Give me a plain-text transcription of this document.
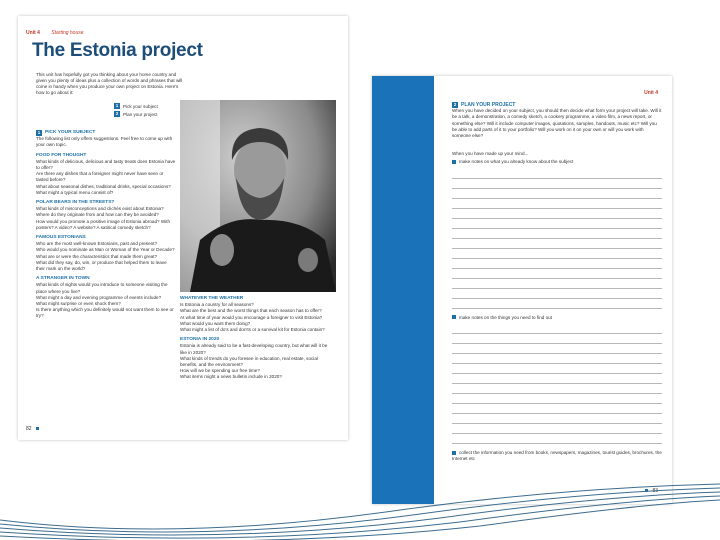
Unit 4 Starting house
The Estonia project
This unit has hopefully got you thinking about your home country and given you plenty of ideas plus a collection of words and phrases that will come in handy when you produce your own project on Estonia. Here's how to go about it:
1	Pick your subject
2	Plan your project
1 PICK YOUR SUBJECT

The following list only offers suggestions. Feel free to come up with your own topic.

FOOD FOR THOUGHT

What kinds of delicious, delicious and tasty treats does Estonia have to offer?

Are there any dishes that a foreigner might never have seen or tasted before?

What about seasonal dishes, traditional drinks, special occasions?

What might a typical menu consist of?

POLAR BEARS IN THE STREETS?

What kinds of misconceptions and clichés exist about Estonia?

Where do they originate from and how can they be avoided?

How would you promote a positive image of Estonia abroad? With posters? A video? A website? A satirical comedy sketch?

FAMOUS ESTONIANS

Who are the most well-known Estonians, past and present?

Who would you nominate as Man or Woman of the Year or Decade?

What are or were the characteristics that made them great?

What did they say, do, win, or produce that helped them to leave their mark on the world?

A STRANGER IN TOWN

What kinds of sights would you introduce to someone visiting the place where you live?

What might a day and evening programme of events include?

What might surprise or even shock them?

Is there anything which you definitely would not want them to see or try?

WHATEVER THE WEATHER

Is Estonia a country for all seasons?

What are the best and the worst things that each season has to offer?

At what time of year would you encourage a foreigner to visit Estonia?

What would you want them doing?

What might a list of do's and don'ts or a survival kit for Estonia contain?

ESTONIA IN 2020

Estonia is already said to be a fast-developing country, but what will it be like in 2020?

What kinds of trends do you foresee in education, real estate, social benefits, and the environment?

How will we be spending our free time?

What items might a news bulletin include in 2020?

82
Unit 4
2 PLAN YOUR PROJECT

When you have decided on your subject, you should then decide what form your project will take. Will it be a talk, a demonstration, a comedy sketch, a cookery programme, a video film, a news report, or something else? Will it include computer images, quotations, samples, handouts, music etc? Will you be able to add parts of it to your portfolio? Will you work on it on your own or will you work with someone else?

When you have made up your mind...

make notes on what you already know about the subject
make notes on the things you need to find out
collect the information you need from books, newspapers, magazines, tourist guides, brochures, the Internet etc
83
